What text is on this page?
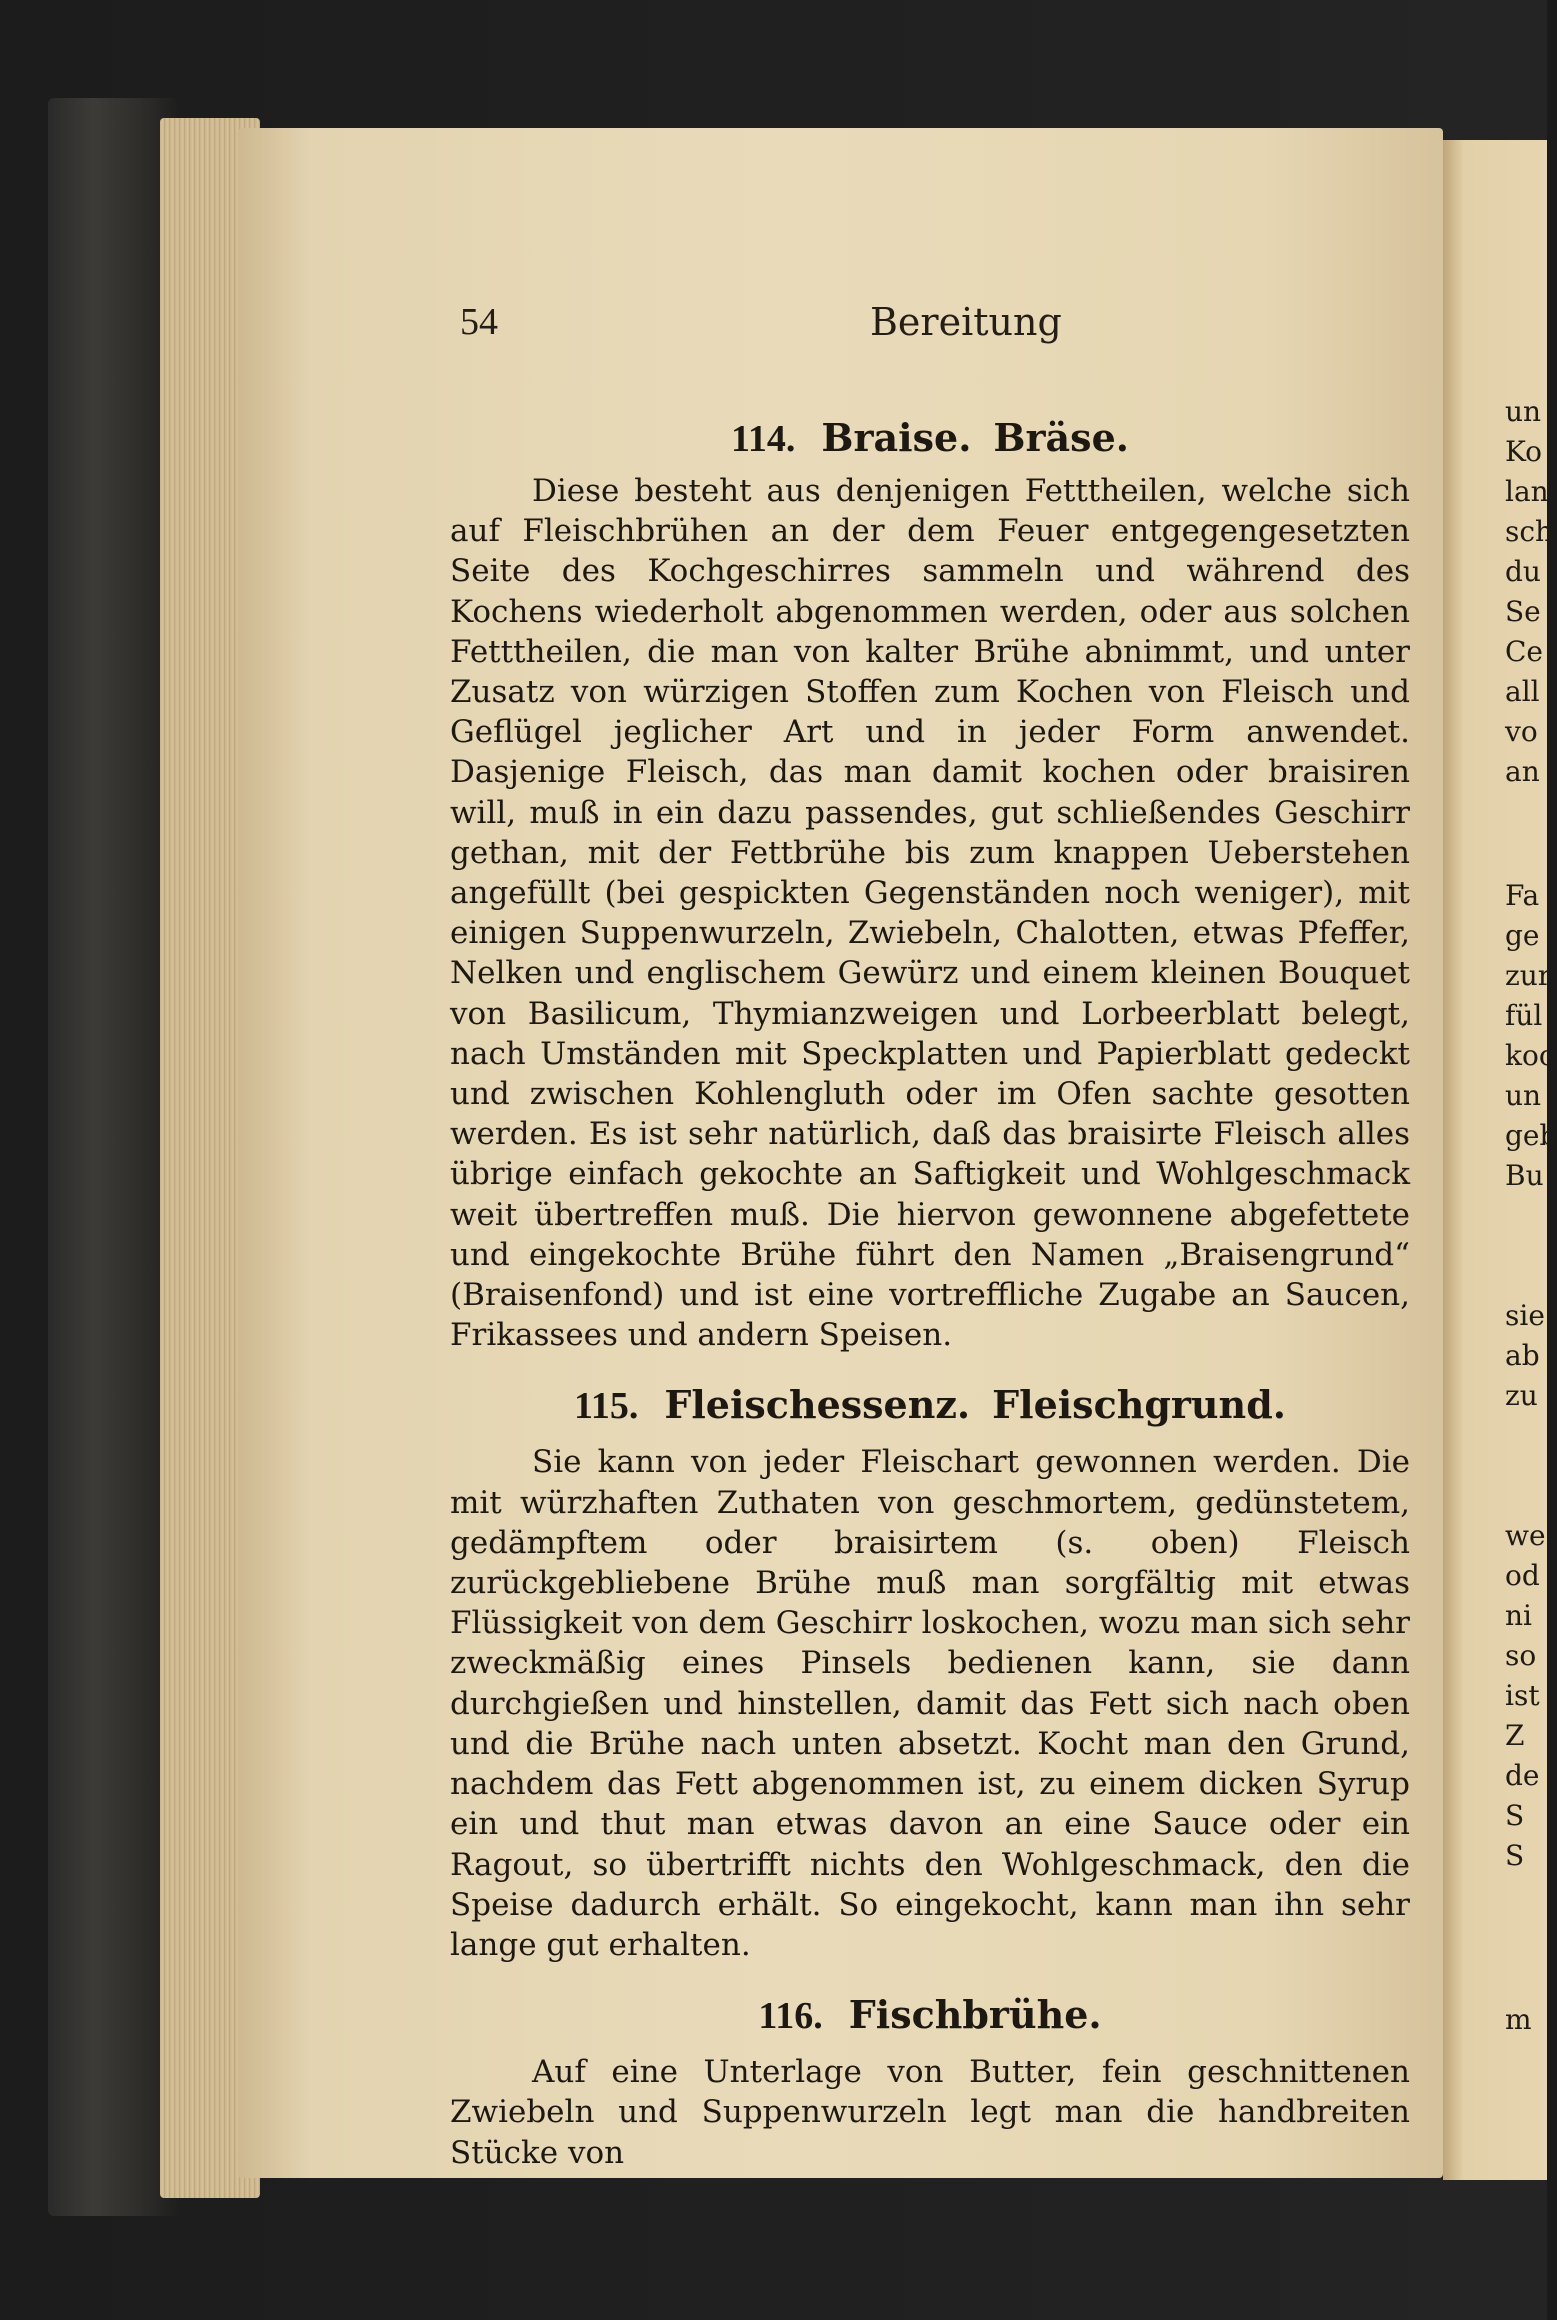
un
Ko
lan
sch
du
Se
Ce
all
vo
an
Fa
ge
zur
fül
koc
un
geb
Bu
sie
ab
zu
we
od
ni
so
ist
Z
de
S
S
m
54	Bereitung
114. Braise. Bräse.

Diese besteht aus denjenigen Fetttheilen, welche sich auf Fleischbrühen an der dem Feuer entgegengesetzten Seite des Kochgeschirres sammeln und während des Kochens wiederholt abgenommen werden, oder aus solchen Fetttheilen, die man von kalter Brühe abnimmt, und unter Zusatz von würzigen Stoffen zum Kochen von Fleisch und Geflügel jeglicher Art und in jeder Form anwendet. Dasjenige Fleisch, das man damit kochen oder braisiren will, muß in ein dazu passendes, gut schließendes Geschirr gethan, mit der Fettbrühe bis zum knappen Ueberstehen angefüllt (bei gespickten Gegenständen noch weniger), mit einigen Suppenwurzeln, Zwiebeln, Chalotten, etwas Pfeffer, Nelken und englischem Gewürz und einem kleinen Bouquet von Basilicum, Thymianzweigen und Lorbeerblatt belegt, nach Umständen mit Speckplatten und Papierblatt gedeckt und zwischen Kohlengluth oder im Ofen sachte gesotten werden. Es ist sehr natürlich, daß das braisirte Fleisch alles übrige einfach gekochte an Saftigkeit und Wohlgeschmack weit übertreffen muß. Die hiervon gewonnene abgefettete und eingekochte Brühe führt den Namen „Braisengrund“ (Braisenfond) und ist eine vortreffliche Zugabe an Saucen, Frikassees und andern Speisen.

115. Fleischessenz. Fleischgrund.

Sie kann von jeder Fleischart gewonnen werden. Die mit würzhaften Zuthaten von geschmortem, gedünstetem, gedämpftem oder braisirtem (s. oben) Fleisch zurückgebliebene Brühe muß man sorgfältig mit etwas Flüssigkeit von dem Geschirr loskochen, wozu man sich sehr zweckmäßig eines Pinsels bedienen kann, sie dann durchgießen und hinstellen, damit das Fett sich nach oben und die Brühe nach unten absetzt. Kocht man den Grund, nachdem das Fett abgenommen ist, zu einem dicken Syrup ein und thut man etwas davon an eine Sauce oder ein Ragout, so übertrifft nichts den Wohlgeschmack, den die Speise dadurch erhält. So eingekocht, kann man ihn sehr lange gut erhalten.

116. Fischbrühe.

Auf eine Unterlage von Butter, fein geschnittenen Zwiebeln und Suppenwurzeln legt man die handbreiten Stücke von
